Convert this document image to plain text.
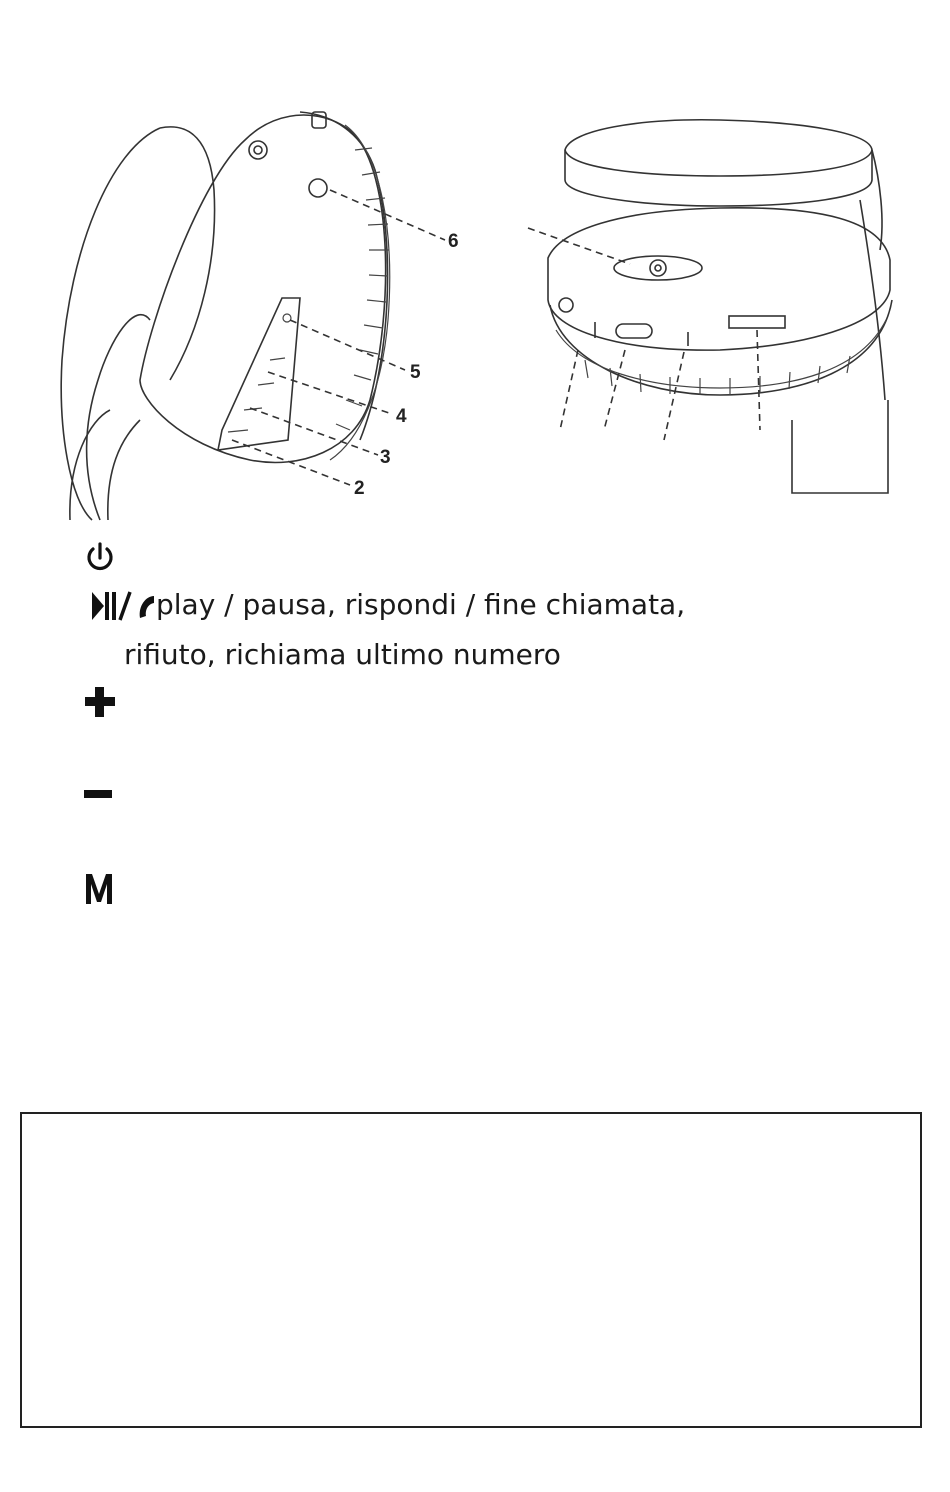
6
5
4
3
2
play / pausa, rispondi / fine chiamata,
rifiuto, richiama ultimo numero
